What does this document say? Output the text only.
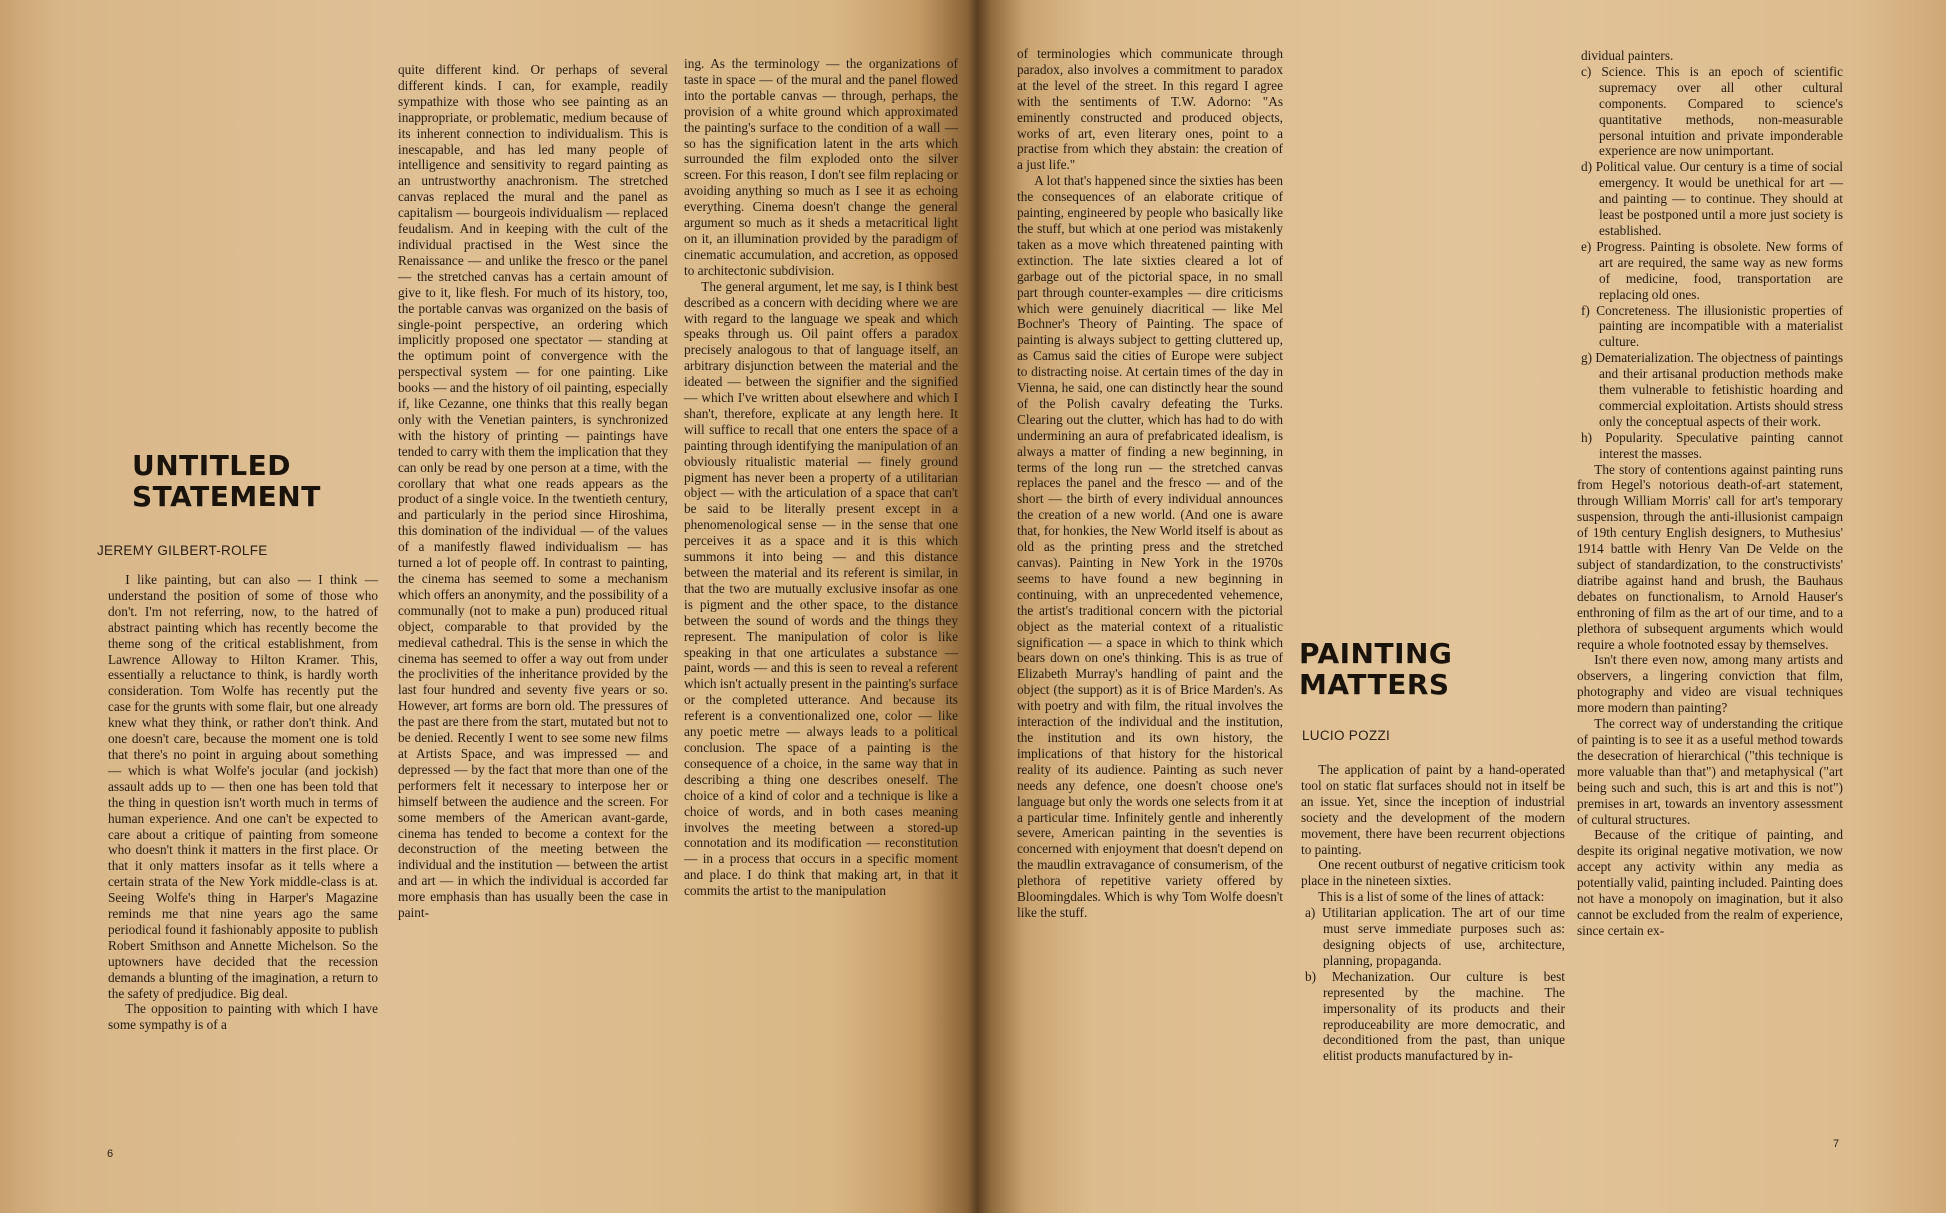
UNTITLED
STATEMENT
JEREMY GILBERT-ROLFE

I like painting, but can also — I think — understand the position of some of those who don't. I'm not referring, now, to the hatred of abstract painting which has recently become the theme song of the critical establishment, from Lawrence Alloway to Hilton Kramer. This, essentially a reluctance to think, is hardly worth consideration. Tom Wolfe has recently put the case for the grunts with some flair, but one already knew what they think, or rather don't think. And one doesn't care, because the moment one is told that there's no point in arguing about something — which is what Wolfe's jocular (and jockish) assault adds up to — then one has been told that the thing in question isn't worth much in terms of human experience. And one can't be expected to care about a critique of painting from someone who doesn't think it matters in the first place. Or that it only matters insofar as it tells where a certain strata of the New York middle-class is at. Seeing Wolfe's thing in Harper's Magazine reminds me that nine years ago the same periodical found it fashionably apposite to publish Robert Smithson and Annette Michelson. So the uptowners have decided that the recession demands a blunting of the imagination, a return to the safety of predjudice. Big deal.

The opposition to painting with which I have some sympathy is of a

quite different kind. Or perhaps of several different kinds. I can, for example, readily sympathize with those who see painting as an inappropriate, or problematic, medium because of its inherent connection to individualism. This is inescapable, and has led many people of intelligence and sensitivity to regard painting as an untrustworthy anachronism. The stretched canvas replaced the mural and the panel as capitalism — bourgeois individualism — replaced feudalism. And in keeping with the cult of the individual practised in the West since the Renaissance — and unlike the fresco or the panel — the stretched canvas has a certain amount of give to it, like flesh. For much of its history, too, the portable canvas was organized on the basis of single-point perspective, an ordering which implicitly proposed one spectator — standing at the optimum point of convergence with the perspectival system — for one painting. Like books — and the history of oil painting, especially if, like Cezanne, one thinks that this really began only with the Venetian painters, is synchronized with the history of printing — paintings have tended to carry with them the implication that they can only be read by one person at a time, with the corollary that what one reads appears as the product of a single voice. In the twentieth century, and particularly in the period since Hiroshima, this domination of the individual — of the values of a manifestly flawed individualism — has turned a lot of people off. In contrast to painting, the cinema has seemed to some a mechanism which offers an anonymity, and the possibility of a communally (not to make a pun) produced ritual object, comparable to that provided by the medieval cathedral. This is the sense in which the cinema has seemed to offer a way out from under the proclivities of the inheritance provided by the last four hundred and seventy five years or so. However, art forms are born old. The pressures of the past are there from the start, mutated but not to be denied. Recently I went to see some new films at Artists Space, and was impressed — and depressed — by the fact that more than one of the performers felt it necessary to interpose her or himself between the audience and the screen. For some members of the American avant-garde, cinema has tended to become a context for the deconstruction of the meeting between the individual and the institution — between the artist and art — in which the individual is accorded far more emphasis than has usually been the case in paint-

ing. As the terminology — the organizations of taste in space — of the mural and the panel flowed into the portable canvas — through, perhaps, the provision of a white ground which approximated the painting's surface to the condition of a wall — so has the signification latent in the arts which surrounded the film exploded onto the silver screen. For this reason, I don't see film replacing or avoiding anything so much as I see it as echoing everything. Cinema doesn't change the general argument so much as it sheds a metacritical light on it, an illumination provided by the paradigm of cinematic accumulation, and accretion, as opposed to architectonic subdivision.

The general argument, let me say, is I think best described as a concern with deciding where we are with regard to the language we speak and which speaks through us. Oil paint offers a paradox precisely analogous to that of language itself, an arbitrary disjunction between the material and the ideated — between the signifier and the signified — which I've written about elsewhere and which I shan't, therefore, explicate at any length here. It will suffice to recall that one enters the space of a painting through identifying the manipulation of an obviously ritualistic material — finely ground pigment has never been a property of a utilitarian object — with the articulation of a space that can't be said to be literally present except in a phenomenological sense — in the sense that one perceives it as a space and it is this which summons it into being — and this distance between the material and its referent is similar, in that the two are mutually exclusive insofar as one is pigment and the other space, to the distance between the sound of words and the things they represent. The manipulation of color is like speaking in that one articulates a substance — paint, words — and this is seen to reveal a referent which isn't actually present in the painting's surface or the completed utterance. And because its referent is a conventionalized one, color — like any poetic metre — always leads to a political conclusion. The space of a painting is the consequence of a choice, in the same way that in describing a thing one describes oneself. The choice of a kind of color and a technique is like a choice of words, and in both cases meaning involves the meeting between a stored-up connotation and its modification — reconstitution — in a process that occurs in a specific moment and place. I do think that making art, in that it commits the artist to the manipulation

6

of terminologies which communicate through paradox, also involves a commitment to paradox at the level of the street. In this regard I agree with the sentiments of T.W. Adorno: "As eminently constructed and produced objects, works of art, even literary ones, point to a practise from which they abstain: the creation of a just life."

A lot that's happened since the sixties has been the consequences of an elaborate critique of painting, engineered by people who basically like the stuff, but which at one period was mistakenly taken as a move which threatened painting with extinction. The late sixties cleared a lot of garbage out of the pictorial space, in no small part through counter-examples — dire criticisms which were genuinely diacritical — like Mel Bochner's Theory of Painting. The space of painting is always subject to getting cluttered up, as Camus said the cities of Europe were subject to distracting noise. At certain times of the day in Vienna, he said, one can distinctly hear the sound of the Polish cavalry defeating the Turks. Clearing out the clutter, which has had to do with undermining an aura of prefabricated idealism, is always a matter of finding a new beginning, in terms of the long run — the stretched canvas replaces the panel and the fresco — and of the short — the birth of every individual announces the creation of a new world. (And one is aware that, for honkies, the New World itself is about as old as the printing press and the stretched canvas). Painting in New York in the 1970s seems to have found a new beginning in continuing, with an unprecedented vehemence, the artist's traditional concern with the pictorial object as the material context of a ritualistic signification — a space in which to think which bears down on one's thinking. This is as true of Elizabeth Murray's handling of paint and the object (the support) as it is of Brice Marden's. As with poetry and with film, the ritual involves the interaction of the individual and the institution, the institution and its own history, the implications of that history for the historical reality of its audience. Painting as such never needs any defence, one doesn't choose one's language but only the words one selects from it at a particular time. Infinitely gentle and inherently severe, American painting in the seventies is concerned with enjoyment that doesn't depend on the maudlin extravagance of consumerism, of the plethora of repetitive variety offered by Bloomingdales. Which is why Tom Wolfe doesn't like the stuff.

PAINTING
MATTERS
LUCIO POZZI

The application of paint by a hand-operated tool on static flat surfaces should not in itself be an issue. Yet, since the inception of industrial society and the development of the modern movement, there have been recurrent objections to painting.

One recent outburst of negative criticism took place in the nineteen sixties.

This is a list of some of the lines of attack:

a) Utilitarian application. The art of our time must serve immediate purposes such as: designing objects of use, architecture, planning, propaganda.
b) Mechanization. Our culture is best represented by the machine. The impersonality of its products and their reproduceability are more democratic, and deconditioned from the past, than unique elitist products manufactured by in-
dividual painters.
c) Science. This is an epoch of scientific supremacy over all other cultural components. Compared to science's quantitative methods, non-measurable personal intuition and private imponderable experience are now unimportant.
d) Political value. Our century is a time of social emergency. It would be unethical for art — and painting — to continue. They should at least be postponed until a more just society is established.
e) Progress. Painting is obsolete. New forms of art are required, the same way as new forms of medicine, food, transportation are replacing old ones.
f) Concreteness. The illusionistic properties of painting are incompatible with a materialist culture.
g) Dematerialization. The objectness of paintings and their artisanal production methods make them vulnerable to fetishistic hoarding and commercial exploitation. Artists should stress only the conceptual aspects of their work.
h) Popularity. Speculative painting cannot interest the masses.

The story of contentions against painting runs from Hegel's notorious death-of-art statement, through William Morris' call for art's temporary suspension, through the anti-illusionist campaign of 19th century English designers, to Muthesius' 1914 battle with Henry Van De Velde on the subject of standardization, to the constructivists' diatribe against hand and brush, the Bauhaus debates on functionalism, to Arnold Hauser's enthroning of film as the art of our time, and to a plethora of subsequent arguments which would require a whole footnoted essay by themselves.

Isn't there even now, among many artists and observers, a lingering conviction that film, photography and video are visual techniques more modern than painting?

The correct way of understanding the critique of painting is to see it as a useful method towards the desecration of hierarchical ("this technique is more valuable than that") and metaphysical ("art being such and such, this is art and this is not") premises in art, towards an inventory assessment of cultural structures.

Because of the critique of painting, and despite its original negative motivation, we now accept any activity within any media as potentially valid, painting included. Painting does not have a monopoly on imagination, but it also cannot be excluded from the realm of experience, since certain ex-

7
